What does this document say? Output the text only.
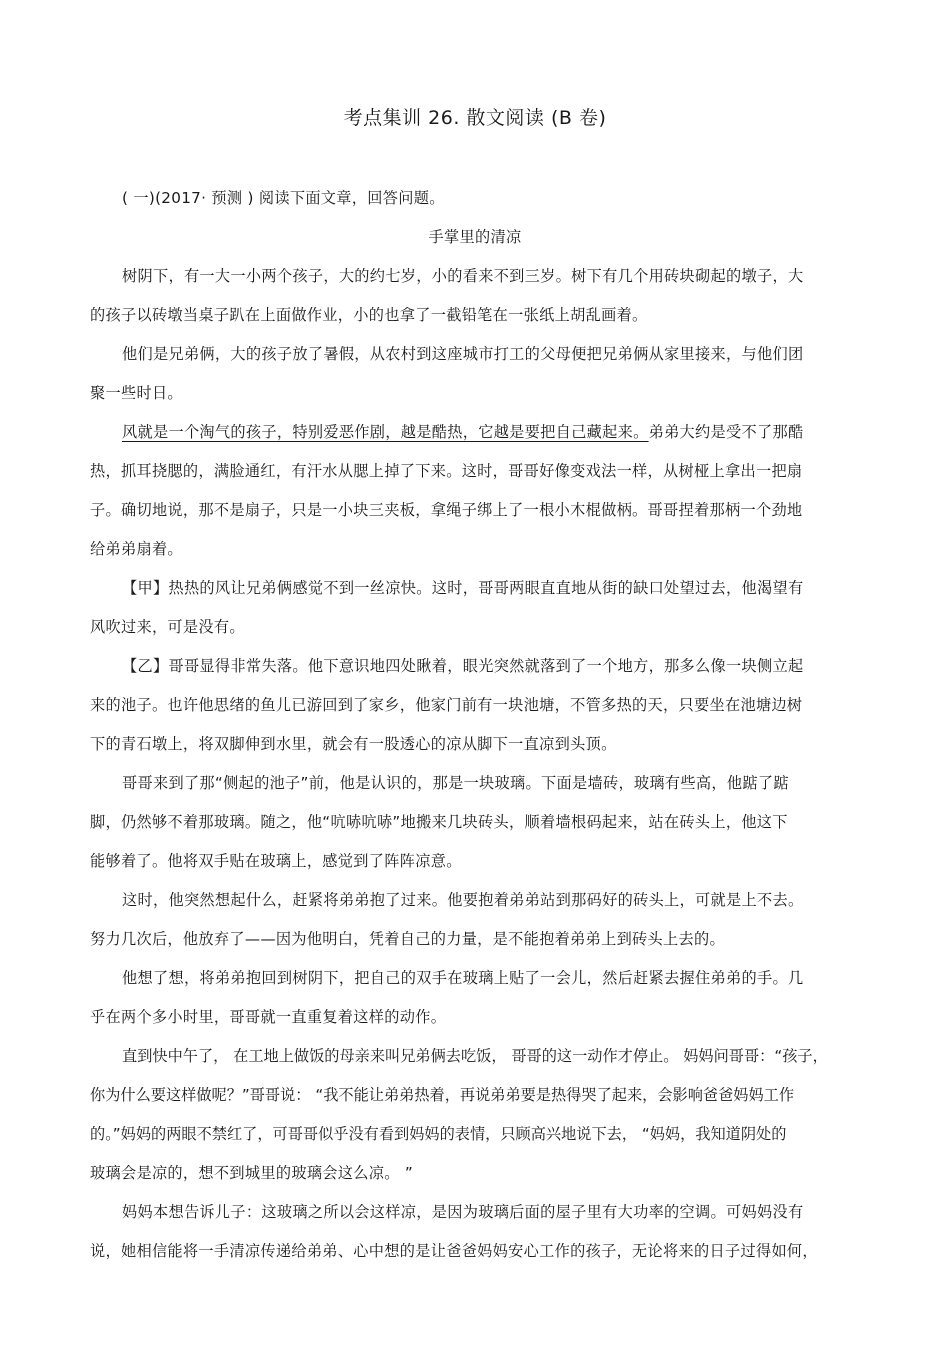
考点集训 26. 散文阅读 (B 卷)
( 一)(2017· 预测 ) 阅读下面文章，回答问题。
手掌里的清凉
树阴下，有一大一小两个孩子，大的约七岁，小的看来不到三岁。树下有几个用砖块砌起的墩子，大
的孩子以砖墩当桌子趴在上面做作业，小的也拿了一截铅笔在一张纸上胡乱画着。
他们是兄弟俩，大的孩子放了暑假，从农村到这座城市打工的父母便把兄弟俩从家里接来，与他们团
聚一些时日。
风就是一个淘气的孩子，特别爱恶作剧，越是酷热，它越是要把自己藏起来。弟弟大约是受不了那酷
热，抓耳挠腮的，满脸通红，有汗水从腮上掉了下来。这时，哥哥好像变戏法一样，从树桠上拿出一把扇
子。确切地说，那不是扇子，只是一小块三夹板，拿绳子绑上了一根小木棍做柄。哥哥捏着那柄一个劲地
给弟弟扇着。
【甲】热热的风让兄弟俩感觉不到一丝凉快。这时，哥哥两眼直直地从街的缺口处望过去，他渴望有
风吹过来，可是没有。
【乙】哥哥显得非常失落。他下意识地四处瞅着，眼光突然就落到了一个地方，那多么像一块侧立起
来的池子。也许他思绪的鱼儿已游回到了家乡，他家门前有一块池塘，不管多热的天，只要坐在池塘边树
下的青石墩上，将双脚伸到水里，就会有一股透心的凉从脚下一直凉到头顶。
哥哥来到了那“侧起的池子”前，他是认识的，那是一块玻璃。下面是墙砖，玻璃有些高，他踮了踮
脚，仍然够不着那玻璃。随之，他“吭哧吭哧”地搬来几块砖头，顺着墙根码起来，站在砖头上，他这下
能够着了。他将双手贴在玻璃上，感觉到了阵阵凉意。
这时，他突然想起什么，赶紧将弟弟抱了过来。他要抱着弟弟站到那码好的砖头上，可就是上不去。
努力几次后，他放弃了——因为他明白，凭着自己的力量，是不能抱着弟弟上到砖头上去的。
他想了想，将弟弟抱回到树阴下，把自己的双手在玻璃上贴了一会儿，然后赶紧去握住弟弟的手。几
乎在两个多小时里，哥哥就一直重复着这样的动作。
直到快中午了， 在工地上做饭的母亲来叫兄弟俩去吃饭， 哥哥的这一动作才停止。 妈妈问哥哥：“孩子，
你为什么要这样做呢？”哥哥说： “我不能让弟弟热着，再说弟弟要是热得哭了起来，会影响爸爸妈妈工作
的。”妈妈的两眼不禁红了，可哥哥似乎没有看到妈妈的表情，只顾高兴地说下去， “妈妈，我知道阴处的
玻璃会是凉的，想不到城里的玻璃会这么凉。 ”
妈妈本想告诉儿子：这玻璃之所以会这样凉，是因为玻璃后面的屋子里有大功率的空调。可妈妈没有
说，她相信能将一手清凉传递给弟弟、心中想的是让爸爸妈妈安心工作的孩子，无论将来的日子过得如何，
